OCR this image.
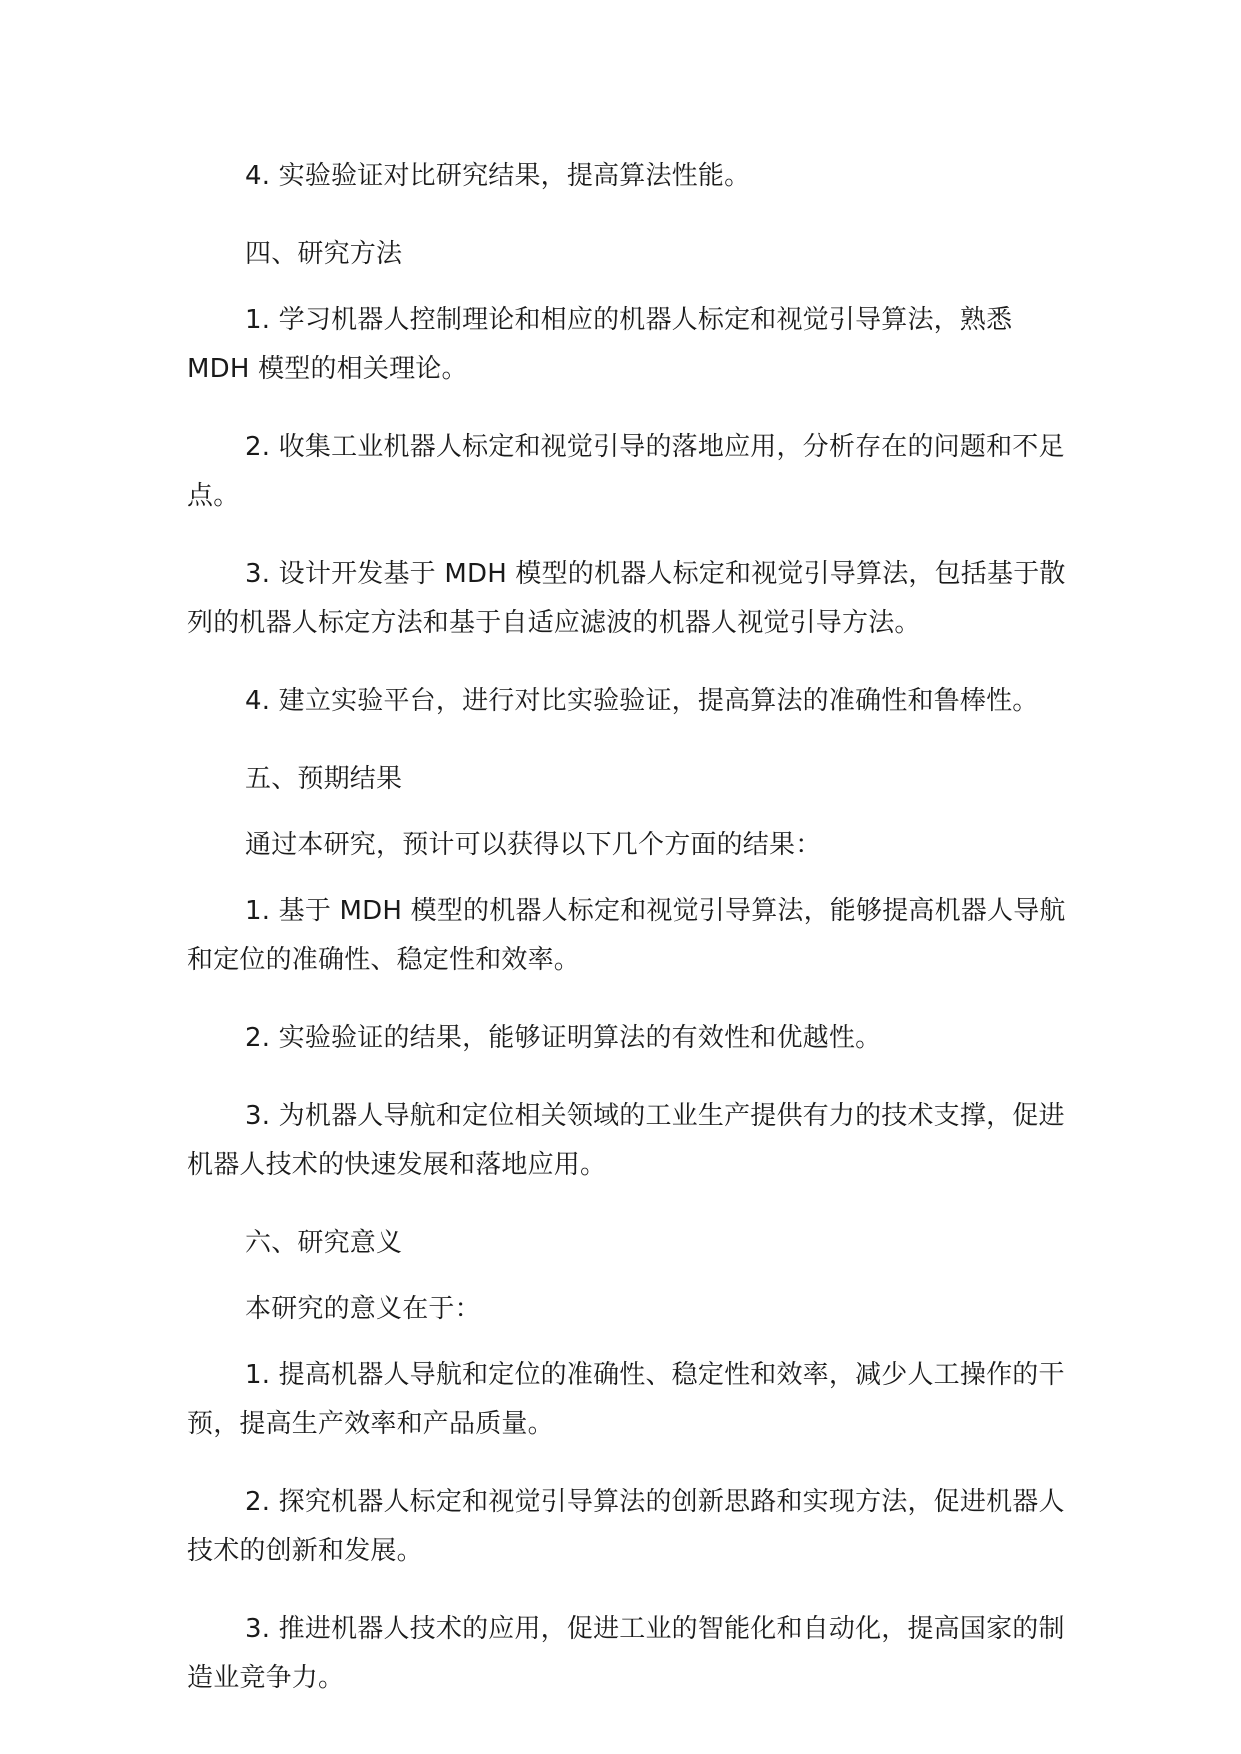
4. 实验验证对比研究结果，提高算法性能。

四、研究方法

1. 学习机器人控制理论和相应的机器人标定和视觉引导算法，熟悉MDH 模型的相关理论。

2. 收集工业机器人标定和视觉引导的落地应用，分析存在的问题和不足点。

3. 设计开发基于 MDH 模型的机器人标定和视觉引导算法，包括基于散列的机器人标定方法和基于自适应滤波的机器人视觉引导方法。

4. 建立实验平台，进行对比实验验证，提高算法的准确性和鲁棒性。

五、预期结果

通过本研究，预计可以获得以下几个方面的结果：

1. 基于 MDH 模型的机器人标定和视觉引导算法，能够提高机器人导航和定位的准确性、稳定性和效率。

2. 实验验证的结果，能够证明算法的有效性和优越性。

3. 为机器人导航和定位相关领域的工业生产提供有力的技术支撑，促进机器人技术的快速发展和落地应用。

六、研究意义

本研究的意义在于：

1. 提高机器人导航和定位的准确性、稳定性和效率，减少人工操作的干预，提高生产效率和产品质量。

2. 探究机器人标定和视觉引导算法的创新思路和实现方法，促进机器人技术的创新和发展。

3. 推进机器人技术的应用，促进工业的智能化和自动化，提高国家的制造业竞争力。
